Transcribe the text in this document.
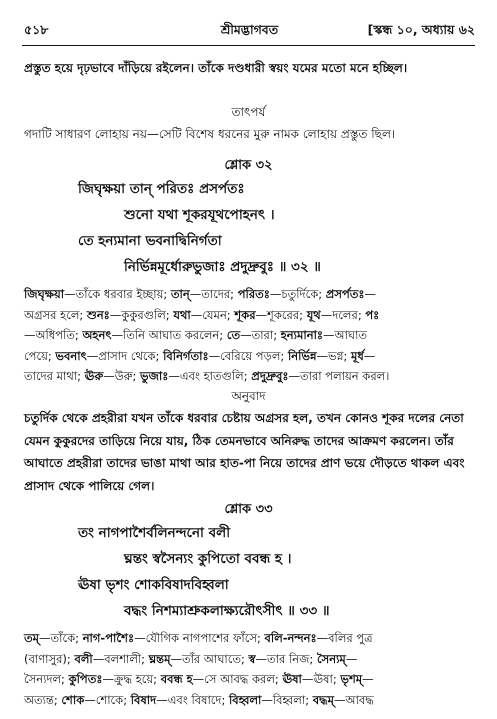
৫১৮	শ্রীমদ্ভাগবত	[স্কন্ধ ১০, অধ্যায় ৬২
প্রস্তুত হয়ে দৃঢ়ভাবে দাঁড়িয়ে রইলেন। তাঁকে দণ্ডধারী স্বয়ং যমের মতো মনে হচ্ছিল।
তাৎপর্য
গদাটি সাধারণ লোহায় নয়—সেটি বিশেষ ধরনের মুরু নামক লোহায় প্রস্তুত ছিল।
শ্লোক ৩২
জিঘৃক্ষয়া তান্ পরিতঃ প্রসর্পতঃ
শুনো যথা শূকরযূথপোহনৎ ।
তে হন্যমানা ভবনাদ্বিনির্গতা
নির্ভিন্নমূর্ধোরুভুজাঃ প্রদুদ্রুবুঃ ॥ ৩২ ॥
জিঘৃক্ষয়া—তাঁকে ধরবার ইচ্ছায়; তান্—তাদের; পরিতঃ—চতুর্দিকে; প্রসর্পতঃ—
অগ্রসর হলে; শুনঃ—কুকুরগুলি; যথা—যেমন; শূকর—শূকরের; যূথ—দলের; পঃ
—অধিপতি; অহনৎ—তিনি আঘাত করলেন; তে—তারা; হন্যমানাঃ—আঘাত
পেয়ে; ভবনাৎ—প্রাসাদ থেকে; বিনির্গতাঃ—বেরিয়ে পড়ল; নির্ভিন্ন—ভগ্ন; মূর্ধ—
তাদের মাথা; ঊরু—উরু; ভুজাঃ—এবং হাতগুলি; প্রদুদ্রুবুঃ—তারা পলায়ন করল।
অনুবাদ
চতুর্দিক থেকে প্রহরীরা যখন তাঁকে ধরবার চেষ্টায় অগ্রসর হল, তখন কোনও শূকর দলের নেতা যেমন কুকুরদের তাড়িয়ে নিয়ে যায়, ঠিক তেমনভাবে অনিরুদ্ধ তাদের আক্রমণ করলেন। তাঁর আঘাতে প্রহরীরা তাদের ভাঙা মাথা আর হাত-পা নিয়ে তাদের প্রাণ ভয়ে দৌড়তে থাকল এবং প্রাসাদ থেকে পালিয়ে গেল।
শ্লোক ৩৩
তং নাগপাশৈর্বলিনন্দনো বলী
ঘ্নন্তং স্বসৈন্যং কুপিতো ববন্ধ হ ।
ঊষা ভৃশং শোকবিষাদবিহ্বলা
বদ্ধং নিশম্যাশ্রুকলাক্ষ্যরৌৎসীৎ ॥ ৩৩ ॥
তম্—তাঁকে; নাগ-পাশৈঃ—যৌগিক নাগপাশের ফাঁসে; বলি-নন্দনঃ—বলির পুত্র
(বাণাসুর); বলী—বলশালী; ঘ্নন্তম্—তাঁর আঘাতে; স্ব—তার নিজ; সৈন্যম্—
সৈন্যদল; কুপিতঃ—ক্রুদ্ধ হয়ে; ববন্ধ হ—সে আবদ্ধ করল; ঊষা—ঊষা; ভৃশম্—
অত্যন্ত; শোক—শোকে; বিষাদ—এবং বিষাদে; বিহ্বলা—বিহ্বলা; বদ্ধম্—আবদ্ধ
